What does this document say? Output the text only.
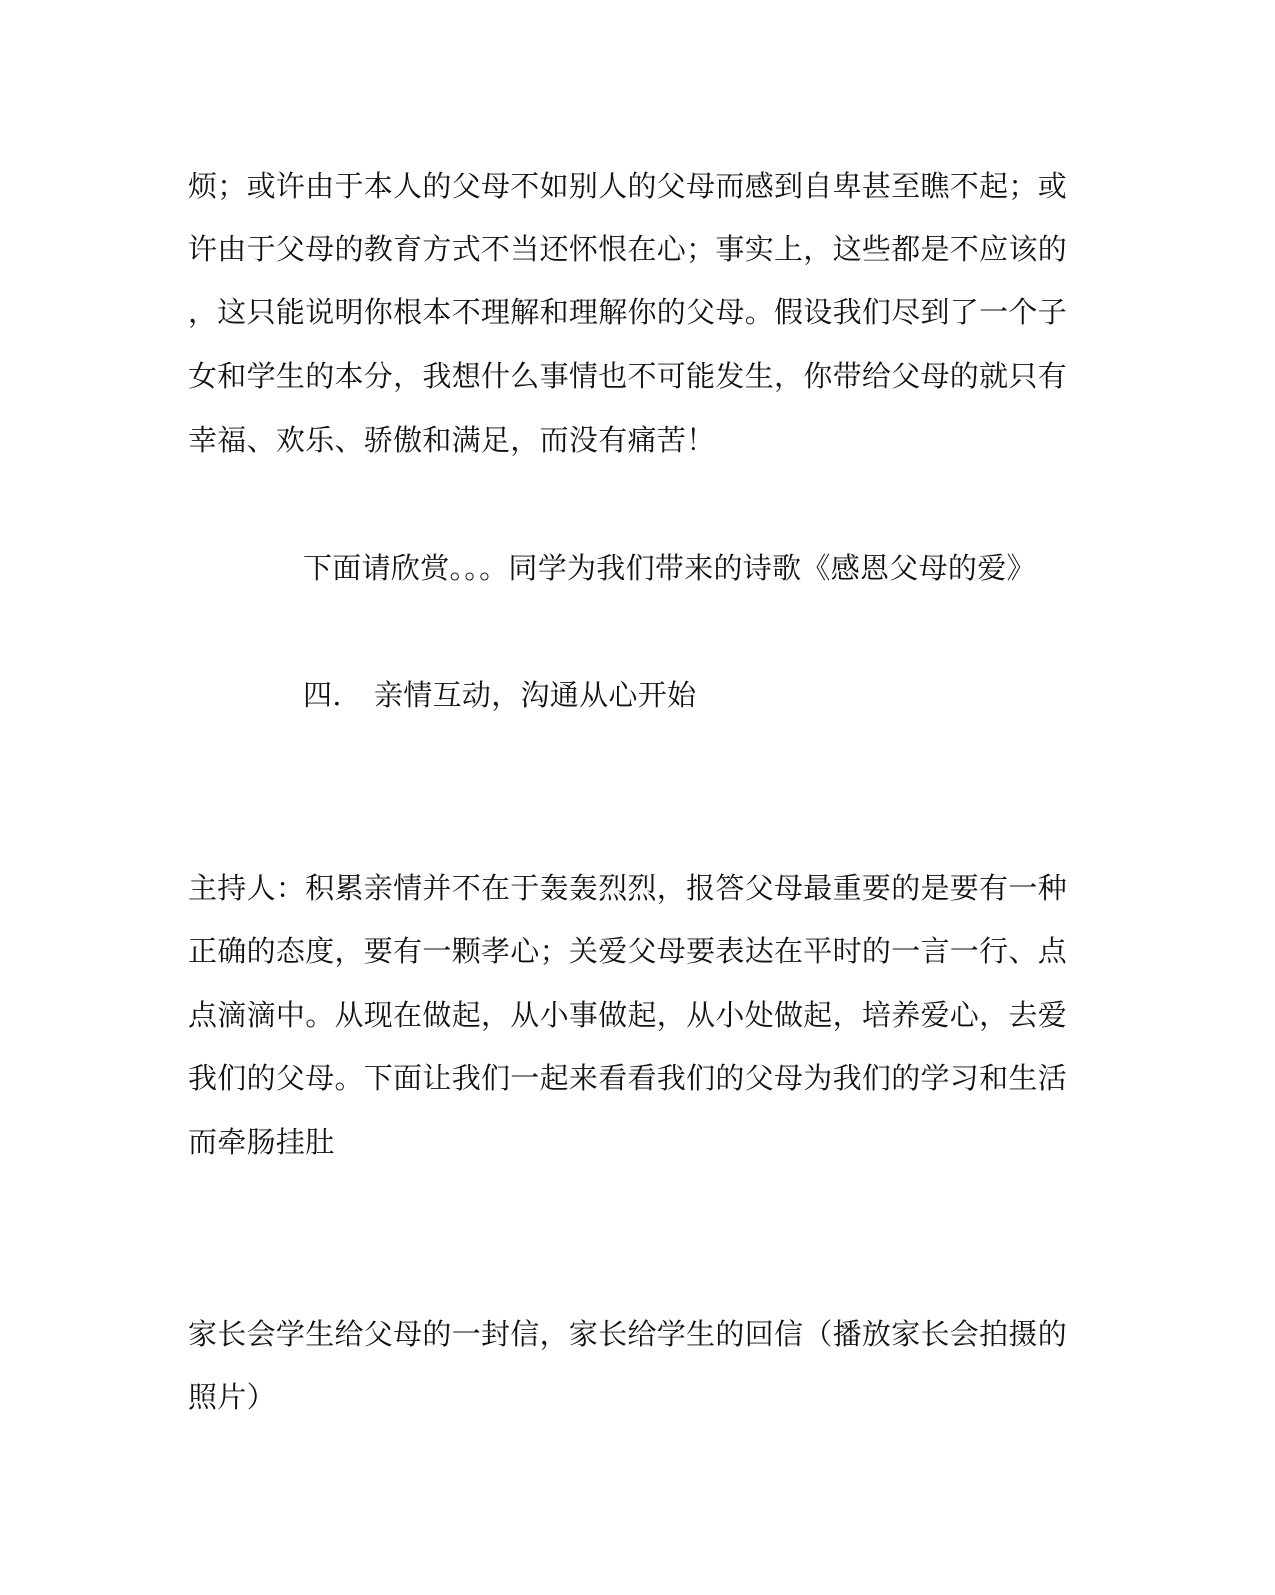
烦；或许由于本人的父母不如别人的父母而感到自卑甚至瞧不起；或
许由于父母的教育方式不当还怀恨在心；事实上，这些都是不应该的
，这只能说明你根本不理解和理解你的父母。假设我们尽到了一个子
女和学生的本分，我想什么事情也不可能发生，你带给父母的就只有
幸福、欢乐、骄傲和满足，而没有痛苦！
下面请欣赏。。。同学为我们带来的诗歌《感恩父母的爱》
四. 亲情互动，沟通从心开始
主持人：积累亲情并不在于轰轰烈烈，报答父母最重要的是要有一种
正确的态度，要有一颗孝心；关爱父母要表达在平时的一言一行、点
点滴滴中。从现在做起，从小事做起，从小处做起，培养爱心，去爱
我们的父母。下面让我们一起来看看我们的父母为我们的学习和生活
而牵肠挂肚
家长会学生给父母的一封信，家长给学生的回信（播放家长会拍摄的
照片）
